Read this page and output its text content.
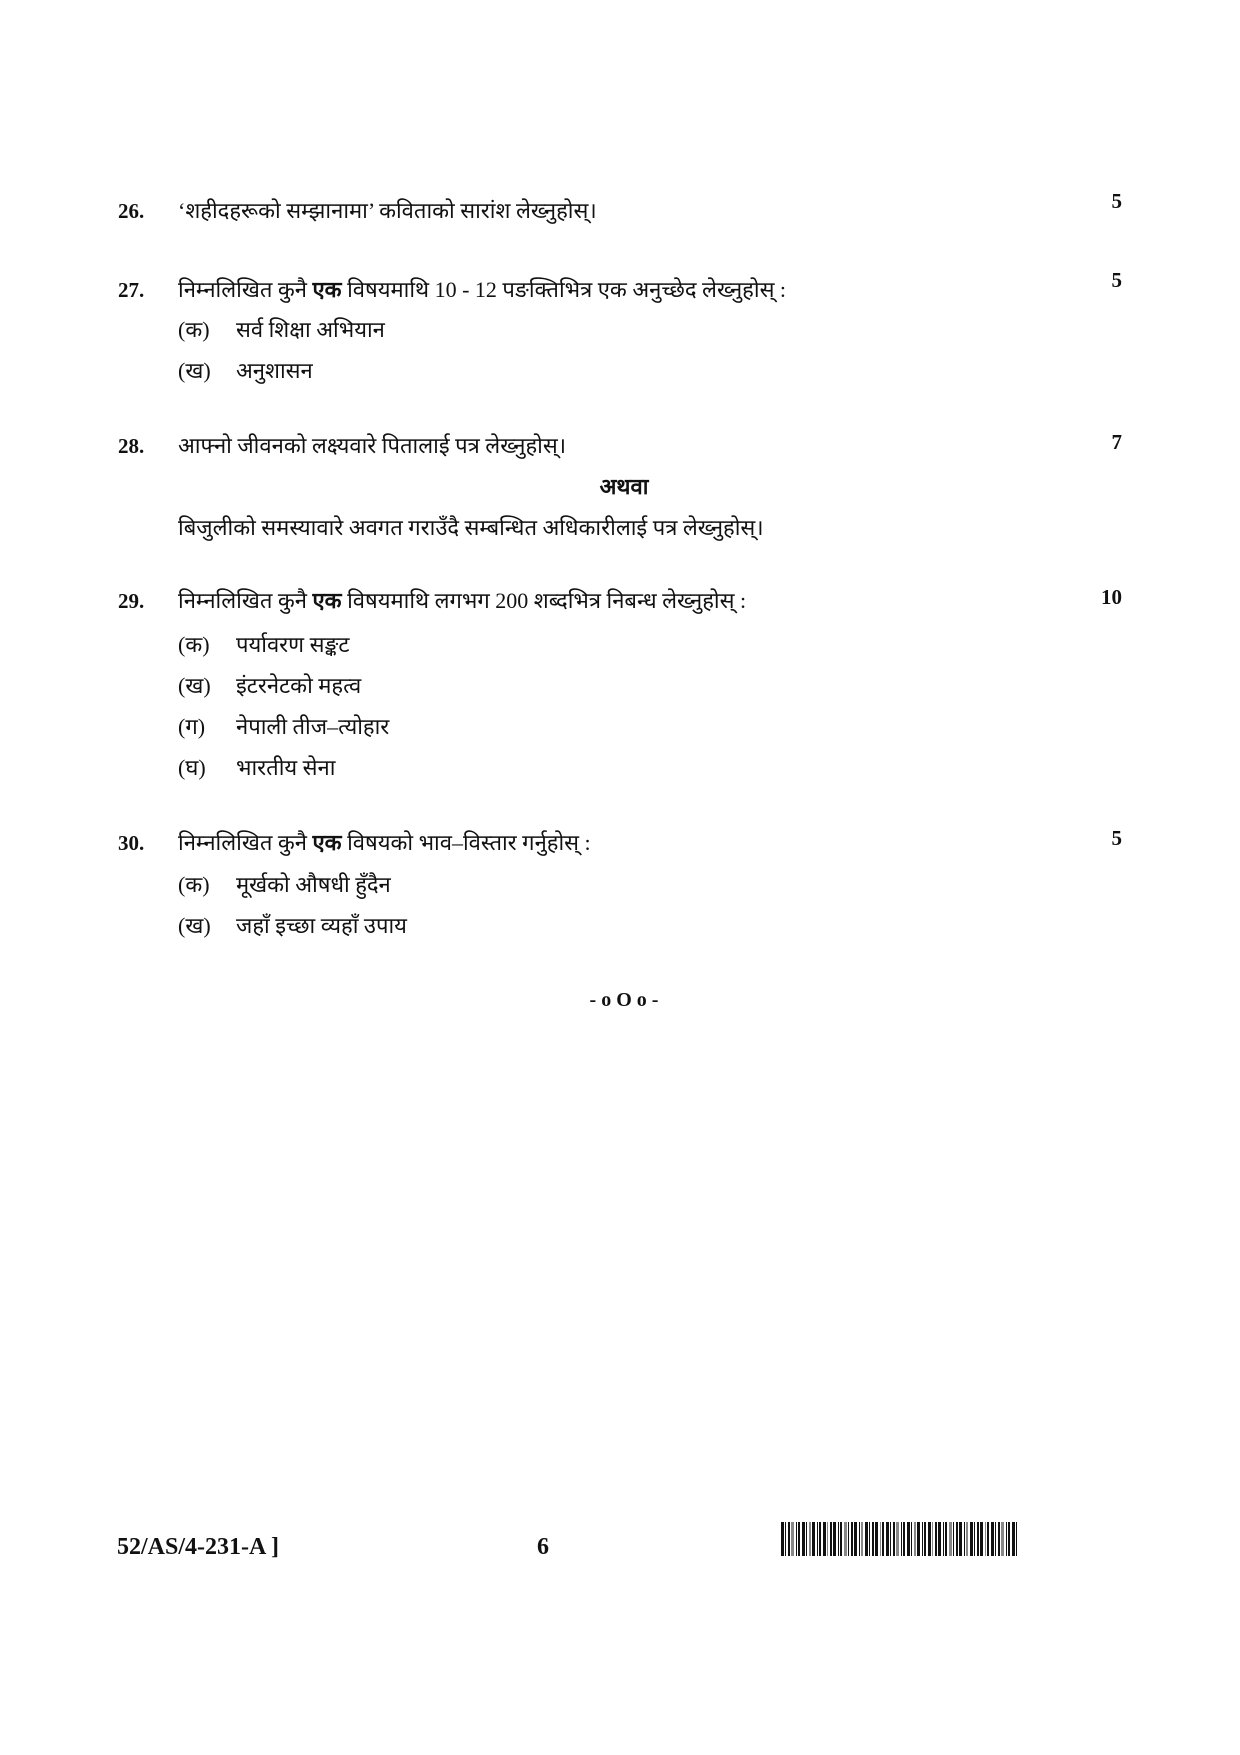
26. ‘शहीदहरूको सम्झानामा’ कविताको सारांश लेख्नुहोस्।	5
27. निम्नलिखित कुनै एक विषयमाथि 10 - 12 पङक्तिभित्र एक अनुच्छेद लेख्नुहोस् :	5
(क) सर्व शिक्षा अभियान
(ख) अनुशासन
28. आफ्नो जीवनको लक्ष्यवारे पितालाई पत्र लेख्नुहोस्।	7
अथवा
बिजुलीको समस्यावारे अवगत गराउँदै सम्बन्धित अधिकारीलाई पत्र लेख्नुहोस्।
29. निम्नलिखित कुनै एक विषयमाथि लगभग 200 शब्दभित्र निबन्ध लेख्नुहोस् :	10
(क) पर्यावरण सङ्कट
(ख) इंटरनेटको महत्व
(ग) नेपाली तीज–त्योहार
(घ) भारतीय सेना
30. निम्नलिखित कुनै एक विषयको भाव–विस्तार गर्नुहोस् :	5
(क) मूर्खको औषधी हुँदैन
(ख) जहाँ इच्छा व्यहाँ उपाय
- o O o -
52/AS/4-231-A ]	6
